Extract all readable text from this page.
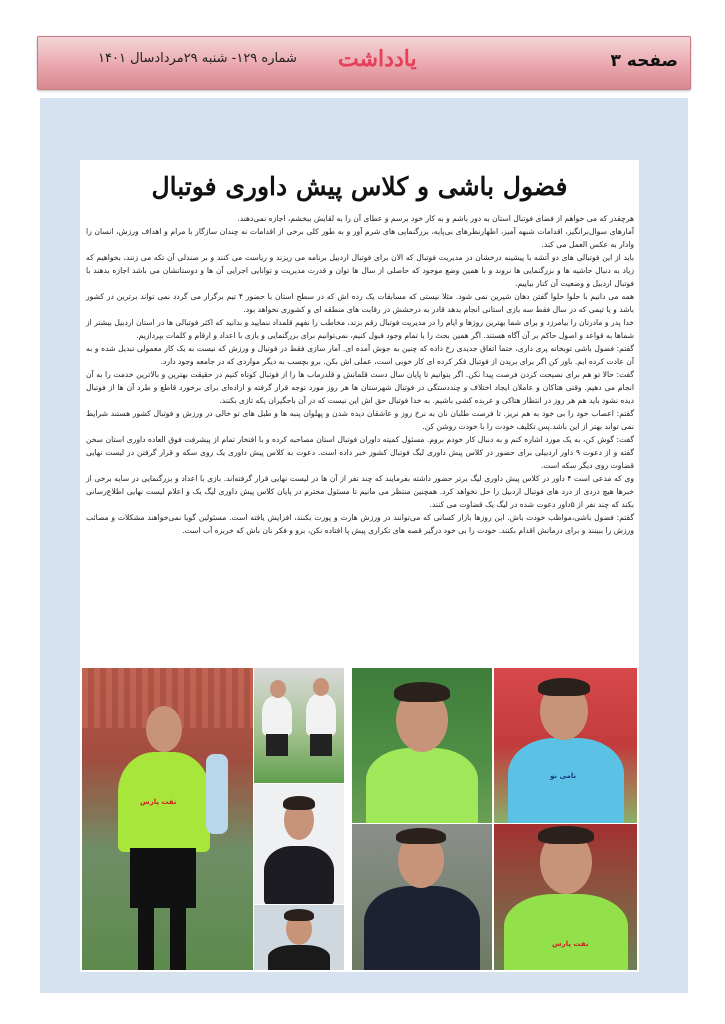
صفحه ۳
یادداشت
شماره ۱۲۹- شنبه ۲۹مردادسال ۱۴۰۱
فضول باشی و کلاس پیش داوری فوتبال

هرچقدر که می خواهم از فضای فوتبال استان به دور باشم و به کار خود برسم و عطای آن را به لقایش ببخشم، اجازه نمی‌دهند.

آمارهای سوال‌برانگیز، اقدامات شبهه آمیز، اظهارنظرهای بی‌پایه، بزرگنمایی های شرم آور و به طور کلی برخی از اقدامات نه چندان سازگار با مرام و اهداف ورزش، انسان را وادار به عکس العمل می کند.

باید از این فوتبالی های دو آتشه با پیشینه درخشان در مدیریت فوتبال که الان برای فوتبال اردبیل برنامه می ریزند و ریاست می کنند و بر صندلی آن تکه می زنند، بخواهیم که زیاد به دنبال حاشیه ها و بزرگنمایی ها نروند و با همین وضع موجود که حاصلی از سال ها توان و قدرت مدیریت و توانایی اجرایی آن ها و دوستانشان می باشد اجازه بدهند با فوتبال اردبیل و وضعیت آن کنار بیاییم.

همه می دانیم با حلوا حلوا گفتن دهان شیرین نمی شود. مثلا نیستی که مسابقات یک رده اش که در سطح استان با حضور ۴ تیم برگزار می گردد نمی تواند برترین در کشور باشد و یا تیمی که در سال فقط سه بازی استانی انجام بدهد قادر به درخشش در رقابت های منطقه ای و کشوری نخواهد بود.

خدا پدر و مادرتان را بیامرزد و برای شما بهترین روزها و ایام را در مدیریت فوتبال رقم بزند، مخاطب را نفهم قلمداد ننمایید و بدانید که اکثر فوتبالی ها در استان اردبیل بیشتر از شماها به قواعد و اصول حاکم بر آن آگاه هستند. اگر همین بحث را با تمام وجود قبول کنیم، نمی‌توانیم برای بزرگنمایی و بازی با اعداد و ارقام و کلمات بپردازیم.

گفتم: فضول باشی توبخانه پری داری، حتما اتفاق جدیدی رخ داده که چنین به جوش آمده ای. آمار سازی فقط در فوتبال و ورزش که نیست به یک کار معمولی تبدیل شده و به آن عادت کرده ایم. باور کن اگر برای بریدن از فوتبال فکر کرده ای کار خوبی است، عملی اش بکن. برو بچسب به دیگر مواردی که در جامعه وجود دارد.

گفت: حالا تو هم برای نصیحت کردن فرصت پیدا نکن. اگر بتوانیم تا پایان سال دست قلمانش و قلدرماب ها را از فوتبال کوتاه کنیم در حقیقت بهترین و بالاترین خدمت را به آن انجام می دهیم. وقتی هتاکان و عاملان ایجاد اختلاف و چنددستگی در فوتبال شهرستان ها هر روز مورد توجه قرار گرفته و اراده‌ای برای برخورد قاطع و طرد آن ها از فوتبال دیده نشود باید هم هر روز در انتظار هتاکی و عربده کشی باشیم. به خدا فوتبال حق اش این نیست که در آن باجگیران یکه تازی بکنند.

گفتم: اعصاب خود را بی خود به هم نریز. تا فرصت طلبان نان به نرخ روز و عاشقان دیده شدن و پهلوان پنبه ها و طبل های تو خالی در ورزش و فوتبال کشور هستند شرایط نمی تواند بهتر از این باشد.پس تکلیف خودت را با خودت روشن کن.

گفت: گوش کن، به یک مورد اشاره کنم و به دنبال کار خودم بروم. مسئول کمیته داوران فوتبال استان مصاحبه کرده و با افتخار تمام از پیشرفت فوق العاده داوری استان سخن گفته و از دعوت ۹ داور اردبیلی برای حضور در کلاس پیش داوری لیگ فوتبال کشور خبر داده است. دعوت به کلاس پیش داوری یک روی سکه و قرار گرفتن در لیست نهایی قضاوت روی دیگر سکه است.

وی که مدعی است ۴ داور در کلاس پیش داوری لیگ برتر حضور داشته بفرمایند که چند نفر از آن ها در لیست نهایی قرار گرفته‌اند. بازی با اعداد و بزرگنمایی در سایه برخی از خبرها هیچ دردی از درد های فوتبال اردبیل را حل نخواهد کرد. همچنین منتظر می مانیم تا مسئول محترم در پایان کلاس پیش داوری لیگ یک و اعلام لیست نهایی اطلاع‌رسانی بکند که چند نفر از ۵داور دعوت شده در لیگ یک قضاوت می کنند.

گفتم: فضول باشی،مواظب خودت باش. این روزها بازار کسانی که می‌توانند در ورزش هارت و پورت بکنند، افزایش یافته است. مسئولین گویا نمی‌خواهند مشکلات و مصائب ورزش را ببینند و برای درمانش اقدام بکنند. خودت را بی خود درگیر قصه های تکراری پیش پا افتاده نکن، برو و فکر نان باش که خربزه آب است.

نفت پارس
نامی نو
نفت پارس
